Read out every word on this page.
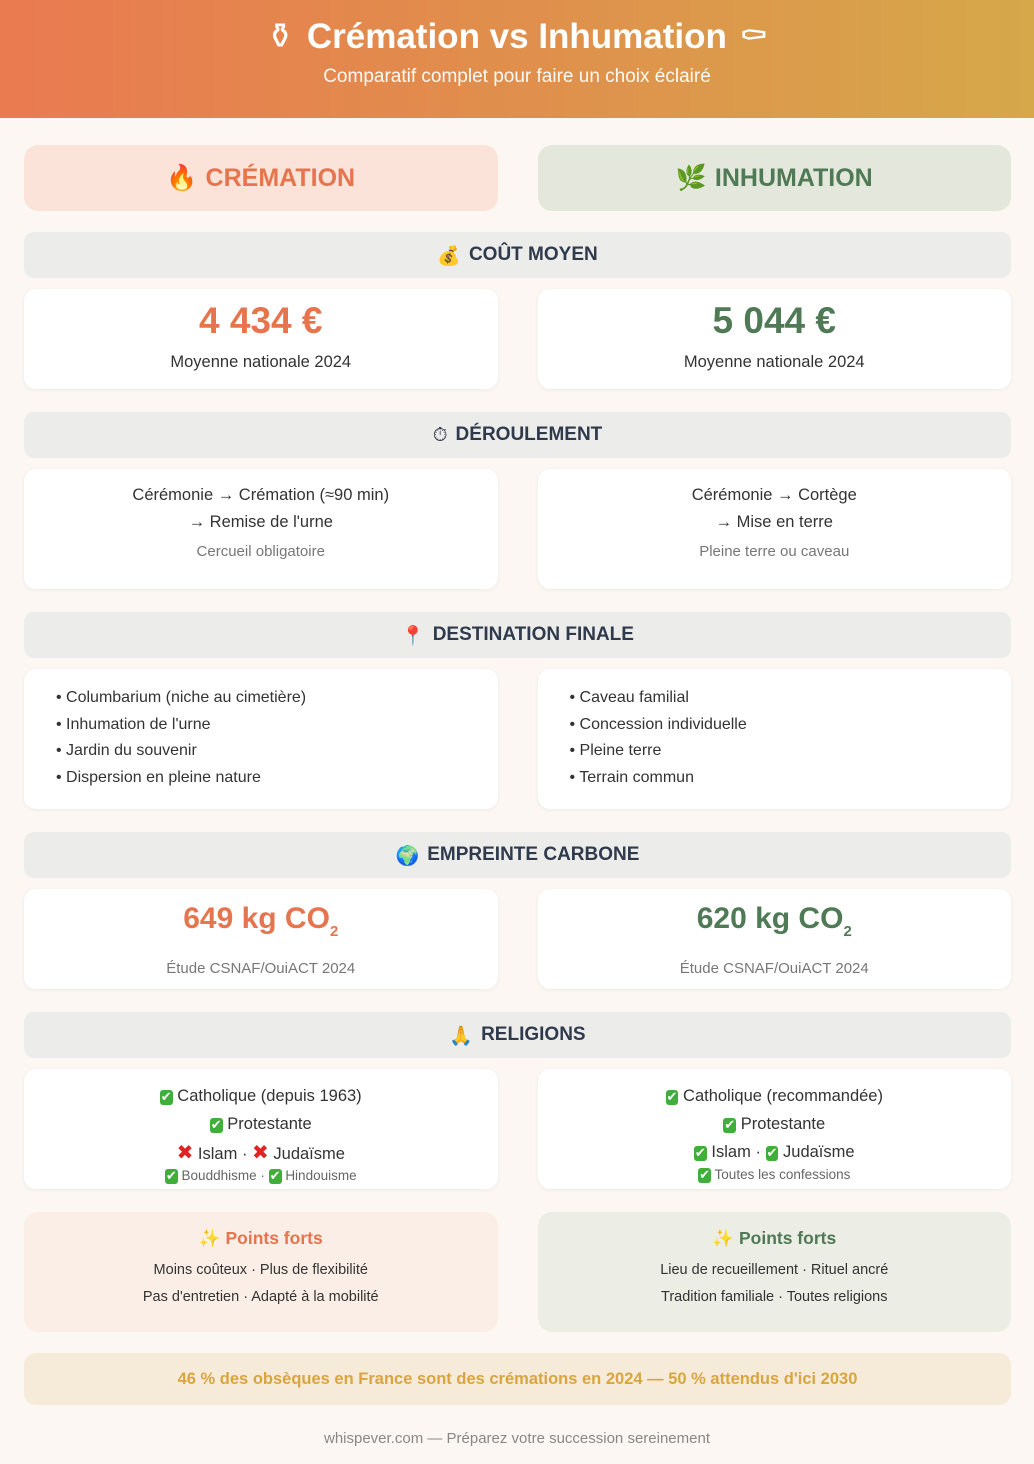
⚱ Crémation vs Inhumation ⚰
Comparatif complet pour faire un choix éclairé
🔥 CRÉMATION	🌿 INHUMATION
💰 COÛT MOYEN
4 434 €
Moyenne nationale 2024
5 044 €
Moyenne nationale 2024
⏱ DÉROULEMENT
Cérémonie → Crémation (≈90 min)
→ Remise de l'urne
Cercueil obligatoire
Cérémonie → Cortège
→ Mise en terre
Pleine terre ou caveau
📍 DESTINATION FINALE
• Columbarium (niche au cimetière)
• Inhumation de l'urne
• Jardin du souvenir
• Dispersion en pleine nature
• Caveau familial
• Concession individuelle
• Pleine terre
• Terrain commun
🌍 EMPREINTE CARBONE
649 kg $CO_2$
Étude CSNAF/OuiACT 2024
620 kg $CO_2$
Étude CSNAF/OuiACT 2024
🙏 RELIGIONS
✔ Catholique (depuis 1963)
✔ Protestante
✖ Islam · ✖ Judaïsme
✔ Bouddhisme · ✔ Hindouisme
✔ Catholique (recommandée)
✔ Protestante
✔ Islam · ✔ Judaïsme
✔ Toutes les confessions
✨ Points forts
Moins coûteux · Plus de flexibilité
Pas d'entretien · Adapté à la mobilité
✨ Points forts
Lieu de recueillement · Rituel ancré
Tradition familiale · Toutes religions
46 % des obsèques en France sont des crémations en 2024 — 50 % attendus d'ici 2030
whispever.com — Préparez votre succession sereinement
